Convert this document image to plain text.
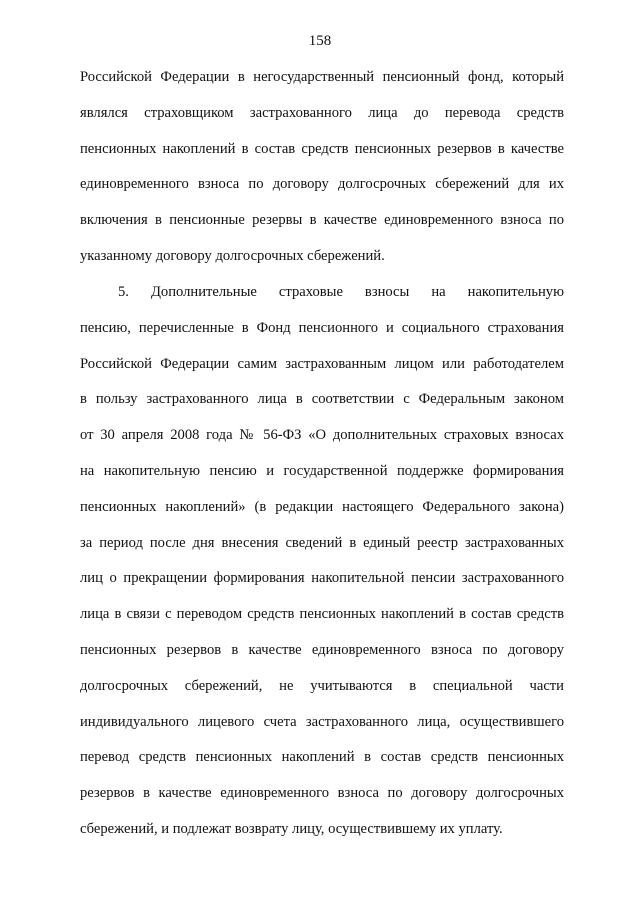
158
Российской Федерации в негосударственный пенсионный фонд, который
являлся страховщиком застрахованного лица до перевода средств
пенсионных накоплений в состав средств пенсионных резервов в качестве
единовременного взноса по договору долгосрочных сбережений для их
включения в пенсионные резервы в качестве единовременного взноса по
указанному договору долгосрочных сбережений.
5. Дополнительные страховые взносы на накопительную
пенсию, перечисленные в Фонд пенсионного и социального страхования
Российской Федерации самим застрахованным лицом или работодателем
в пользу застрахованного лица в соответствии с Федеральным законом
от 30 апреля 2008 года № 56-ФЗ «О дополнительных страховых взносах
на накопительную пенсию и государственной поддержке формирования
пенсионных накоплений» (в редакции настоящего Федерального закона)
за период после дня внесения сведений в единый реестр застрахованных
лиц о прекращении формирования накопительной пенсии застрахованного
лица в связи с переводом средств пенсионных накоплений в состав средств
пенсионных резервов в качестве единовременного взноса по договору
долгосрочных сбережений, не учитываются в специальной части
индивидуального лицевого счета застрахованного лица, осуществившего
перевод средств пенсионных накоплений в состав средств пенсионных
резервов в качестве единовременного взноса по договору долгосрочных
сбережений, и подлежат возврату лицу, осуществившему их уплату.
